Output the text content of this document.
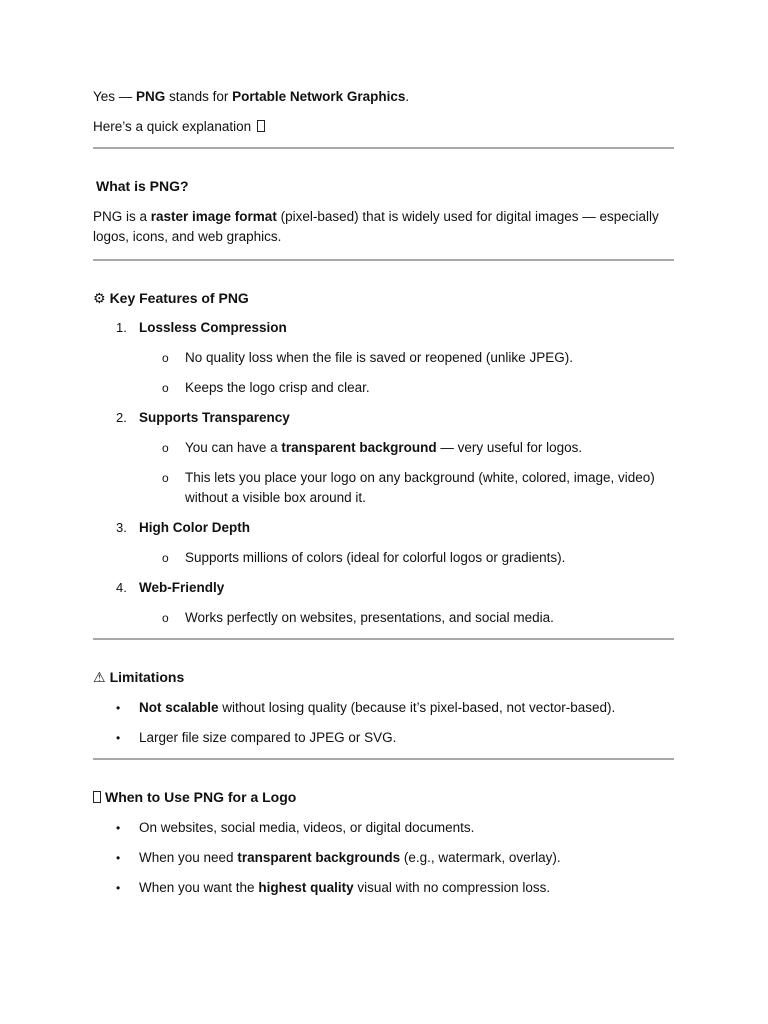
Yes — PNG stands for Portable Network Graphics.

Here’s a quick explanation

What is PNG?

PNG is a raster image format (pixel-based) that is widely used for digital images — especially logos, icons, and web graphics.

⚙ Key Features of PNG
1. Lossless Compression
o No quality loss when the file is saved or reopened (unlike JPEG).
o Keeps the logo crisp and clear.
2. Supports Transparency
o You can have a transparent background — very useful for logos.
o This lets you place your logo on any background (white, colored, image, video) without a visible box around it.
3. High Color Depth
o Supports millions of colors (ideal for colorful logos or gradients).
4. Web-Friendly
o Works perfectly on websites, presentations, and social media.
⚠ Limitations
• Not scalable without losing quality (because it’s pixel-based, not vector-based).
• Larger file size compared to JPEG or SVG.
When to Use PNG for a Logo
• On websites, social media, videos, or digital documents.
• When you need transparent backgrounds (e.g., watermark, overlay).
• When you want the highest quality visual with no compression loss.
